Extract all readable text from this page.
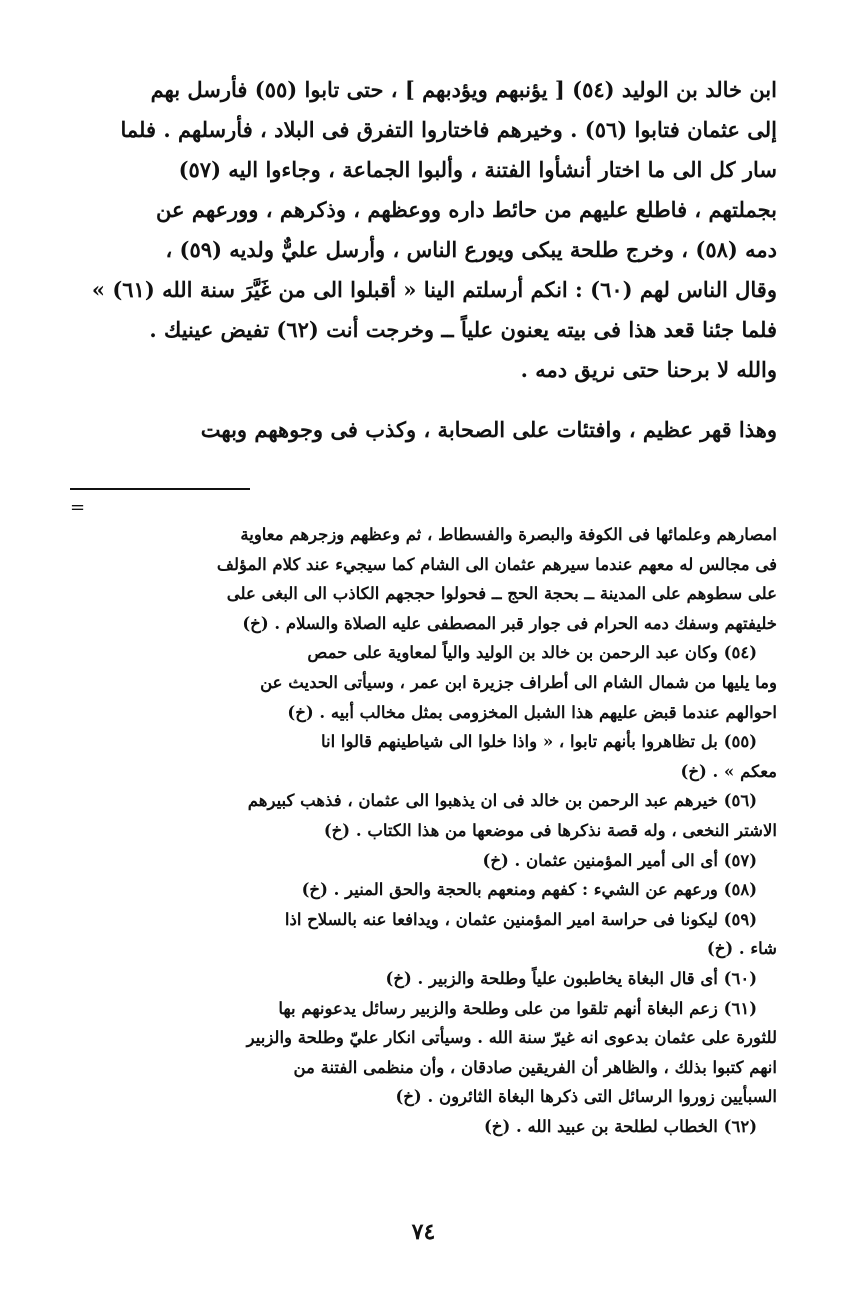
ابن خالد بن الوليد (٥٤) [ يؤنبهم ويؤدبهم ] ، حتى تابوا (٥٥) فأرسل بهم
إلى عثمان فتابوا (٥٦) . وخيرهم فاختاروا التفرق فى البلاد ، فأرسلهم . فلما
سار كل الى ما اختار أنشأوا الفتنة ، وألبوا الجماعة ، وجاءوا اليه (٥٧)
بجملتهم ، فاطلع عليهم من حائط داره ووعظهم ، وذكرهم ، وورعهم عن
دمه (٥٨) ، وخرج طلحة يبكى ويورع الناس ، وأرسل عليٌّ ولديه (٥٩) ،
وقال الناس لهم (٦٠) : انكم أرسلتم الينا « أقبلوا الى من غَيَّرَ سنة الله (٦١) »
فلما جئنا قعد هذا فى بيته يعنون علياً ــ وخرجت أنت (٦٢) تفيض عينيك .
والله لا برحنا حتى نريق دمه .

وهذا قهر عظيم ، وافتئات على الصحابة ، وكذب فى وجوههم وبهت

=
امصارهم وعلمائها فى الكوفة والبصرة والفسطاط ، ثم وعظهم وزجرهم معاوية
فى مجالس له معهم عندما سيرهم عثمان الى الشام كما سيجيء عند كلام المؤلف
على سطوهم على المدينة ــ بحجة الحج ــ فحولوا حججهم الكاذب الى البغى على
خليفتهم وسفك دمه الحرام فى جوار قبر المصطفى عليه الصلاة والسلام . (خ)
(٥٤) وكان عبد الرحمن بن خالد بن الوليد والياً لمعاوية على حمص
وما يليها من شمال الشام الى أطراف جزيرة ابن عمر ، وسيأتى الحديث عن
احوالهم عندما قبض عليهم هذا الشبل المخزومى بمثل مخالب أبيه . (خ)
(٥٥) بل تظاهروا بأنهم تابوا ، « واذا خلوا الى شياطينهم قالوا انا
معكم » . (خ)
(٥٦) خيرهم عبد الرحمن بن خالد فى ان يذهبوا الى عثمان ، فذهب كبيرهم
الاشتر النخعى ، وله قصة نذكرها فى موضعها من هذا الكتاب . (خ)
(٥٧) أى الى أمير المؤمنين عثمان . (خ)
(٥٨) ورعهم عن الشيء : كفهم ومنعهم بالحجة والحق المنير . (خ)
(٥٩) ليكونا فى حراسة امير المؤمنين عثمان ، ويدافعا عنه بالسلاح اذا
شاء . (خ)
(٦٠) أى قال البغاة يخاطبون علياً وطلحة والزبير . (خ)
(٦١) زعم البغاة أنهم تلقوا من على وطلحة والزبير رسائل يدعونهم بها
للثورة على عثمان بدعوى انه غيرّ سنة الله . وسيأتى انكار عليّ وطلحة والزبير
انهم كتبوا بذلك ، والظاهر أن الفريقين صادقان ، وأن منظمى الفتنة من
السبأيين زوروا الرسائل التى ذكرها البغاة الثائرون . (خ)
(٦٢) الخطاب لطلحة بن عبيد الله . (خ)
٧٤
